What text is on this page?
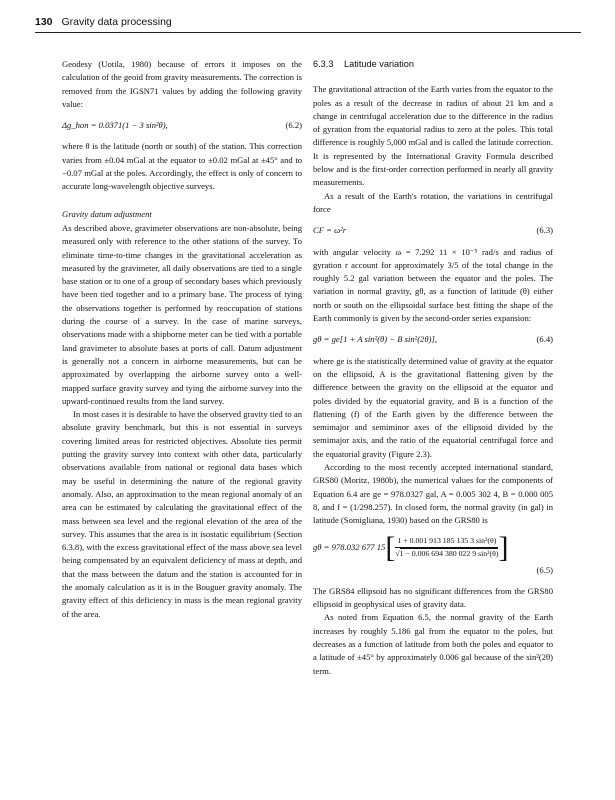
130 Gravity data processing

Geodesy (Uotila, 1980) because of errors it imposes on the calculation of the geoid from gravity measurements. The correction is removed from the IGSN71 values by adding the following gravity value:

Δg_hon = 0.0371(1 − 3 sin²θ),	(6.2)

where θ is the latitude (north or south) of the station. This correction varies from ±0.04 mGal at the equator to ±0.02 mGal at ±45° and to −0.07 mGal at the poles. Accordingly, the effect is only of concern to accurate long-wavelength objective surveys.

Gravity datum adjustment

As described above, gravimeter observations are non-absolute, being measured only with reference to the other stations of the survey. To eliminate time-to-time changes in the gravitational acceleration as measured by the gravimeter, all daily observations are tied to a single base station or to one of a group of secondary bases which previously have been tied together and to a primary base. The process of tying the observations together is performed by reoccupation of stations during the course of a survey. In the case of marine surveys, observations made with a shipborne meter can be tied with a portable land gravimeter to absolute bases at ports of call. Datum adjustment is generally not a concern in airborne measurements, but can be approximated by overlapping the airborne survey onto a well-mapped surface gravity survey and tying the airborne survey into the upward-continued results from the land survey.

In most cases it is desirable to have the observed gravity tied to an absolute gravity benchmark, but this is not essential in surveys covering limited areas for restricted objectives. Absolute ties permit putting the gravity survey into context with other data, particularly observations available from national or regional data bases which may be useful in determining the nature of the regional gravity anomaly. Also, an approximation to the mean regional anomaly of an area can be estimated by calculating the gravitational effect of the mass between sea level and the regional elevation of the area of the survey. This assumes that the area is in isostatic equilibrium (Section 6.3.8), with the excess gravitational effect of the mass above sea level being compensated by an equivalent deficiency of mass at depth, and that the mass between the datum and the station is accounted for in the anomaly calculation as it is in the Bouguer gravity anomaly. The gravity effect of this deficiency in mass is the mean regional gravity of the area.

6.3.3 Latitude variation

The gravitational attraction of the Earth varies from the equator to the poles as a result of the decrease in radius of about 21 km and a change in centrifugal acceleration due to the difference in the radius of gyration from the equatorial radius to zero at the poles. This total difference is roughly 5,000 mGal and is called the latitude correction. It is represented by the International Gravity Formula described below and is the first-order correction performed in nearly all gravity measurements.

As a result of the Earth's rotation, the variations in centrifugal force

CF = ω²r	(6.3)

with angular velocity ω = 7.292 11 × 10⁻⁵ rad/s and radius of gyration r account for approximately 3/5 of the total change in the roughly 5.2 gal variation between the equator and the poles. The variation in normal gravity, gθ, as a function of latitude (θ) either north or south on the ellipsoidal surface best fitting the shape of the Earth commonly is given by the second-order series expansion:

gθ = ge[1 + A sin²(θ) − B sin²(2θ)],	(6.4)

where ge is the statistically determined value of gravity at the equator on the ellipsoid, A is the gravitational flattening given by the difference between the gravity on the ellipsoid at the equator and poles divided by the equatorial gravity, and B is a function of the flattening (f) of the Earth given by the difference between the semimajor and semiminor axes of the ellipsoid divided by the semimajor axis, and the ratio of the equatorial centrifugal force and the equatorial gravity (Figure 2.3).

According to the most recently accepted international standard, GRS80 (Moritz, 1980b), the numerical values for the components of Equation 6.4 are ge = 978.0327 gal, A = 0.005 302 4, B = 0.000 005 8, and f = (1/298.257). In closed form, the normal gravity (in gal) in latitude (Somigliana, 1930) based on the GRS80 is

gθ = 978.032 677 15 [ $\frac{\text{1 + 0.001 913 185 135 3 sin²(θ)}}{\text{√1 − 0.006 694 380 022 9 sin²(θ)}}$ ]
(6.5)

The GRS84 ellipsoid has no significant differences from the GRS80 ellipsoid in geophysical uses of gravity data.

As noted from Equation 6.5, the normal gravity of the Earth increases by roughly 5.186 gal from the equator to the poles, but decreases as a function of latitude from both the poles and equator to a latitude of ±45° by approximately 0.006 gal because of the sin²(2θ) term.
